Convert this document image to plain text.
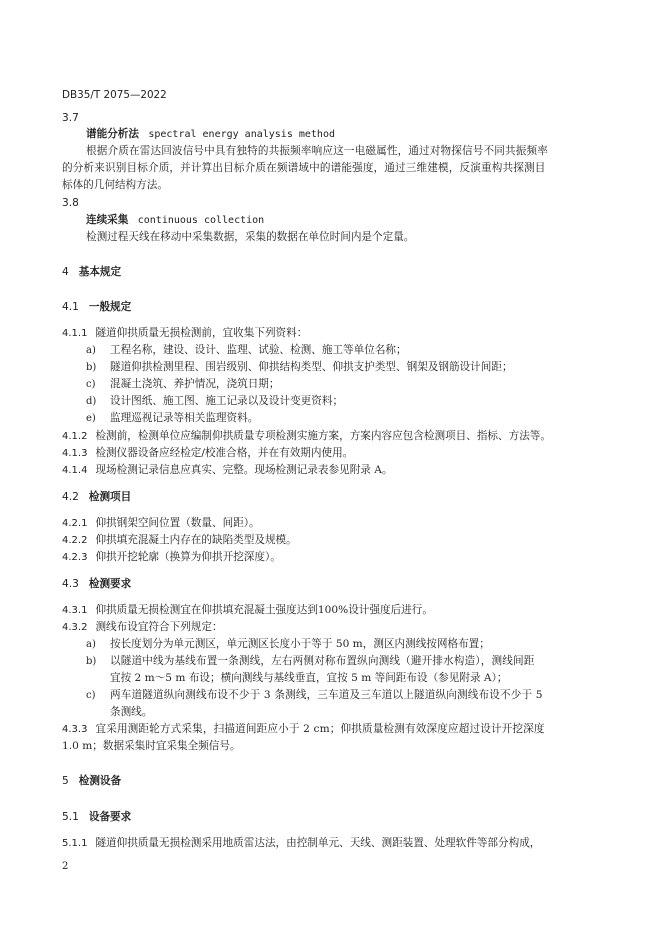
DB35/T 2075—2022
3.7
谱能分析法 spectral energy analysis method
根据介质在雷达回波信号中具有独特的共振频率响应这一电磁属性，通过对物探信号不同共振频率
的分析来识别目标介质，并计算出目标介质在频谱域中的谱能强度，通过三维建模，反演重构共探测目
标体的几何结构方法。
3.8
连续采集 continuous collection
检测过程天线在移动中采集数据，采集的数据在单位时间内是个定量。
4 基本规定
4.1 一般规定
4.1.1 隧道仰拱质量无损检测前，宜收集下列资料：
a) 工程名称，建设、设计、监理、试验、检测、施工等单位名称；
b) 隧道仰拱检测里程、围岩级别、仰拱结构类型、仰拱支护类型、钢架及钢筋设计间距；
c) 混凝土浇筑、养护情况，浇筑日期；
d) 设计图纸、施工图、施工记录以及设计变更资料；
e) 监理巡视记录等相关监理资料。
4.1.2 检测前，检测单位应编制仰拱质量专项检测实施方案，方案内容应包含检测项目、指标、方法等。
4.1.3 检测仪器设备应经检定/校准合格，并在有效期内使用。
4.1.4 现场检测记录信息应真实、完整。现场检测记录表参见附录 A。
4.2 检测项目
4.2.1 仰拱钢架空间位置（数量、间距）。
4.2.2 仰拱填充混凝土内存在的缺陷类型及规模。
4.2.3 仰拱开挖轮廓（换算为仰拱开挖深度）。
4.3 检测要求
4.3.1 仰拱质量无损检测宜在仰拱填充混凝土强度达到100%设计强度后进行。
4.3.2 测线布设宜符合下列规定：
a) 按长度划分为单元测区，单元测区长度小于等于 50 m，测区内测线按网格布置；
b) 以隧道中线为基线布置一条测线，左右两侧对称布置纵向测线（避开排水构造），测线间距
宜按 2 m～5 m 布设；横向测线与基线垂直，宜按 5 m 等间距布设（参见附录 A）；
c) 两车道隧道纵向测线布设不少于 3 条测线，三车道及三车道以上隧道纵向测线布设不少于 5
条测线。
4.3.3 宜采用测距轮方式采集，扫描道间距应小于 2 cm；仰拱质量检测有效深度应超过设计开挖深度
1.0 m；数据采集时宜采集全频信号。
5 检测设备
5.1 设备要求
5.1.1 隧道仰拱质量无损检测采用地质雷达法，由控制单元、天线、测距装置、处理软件等部分构成，
2
